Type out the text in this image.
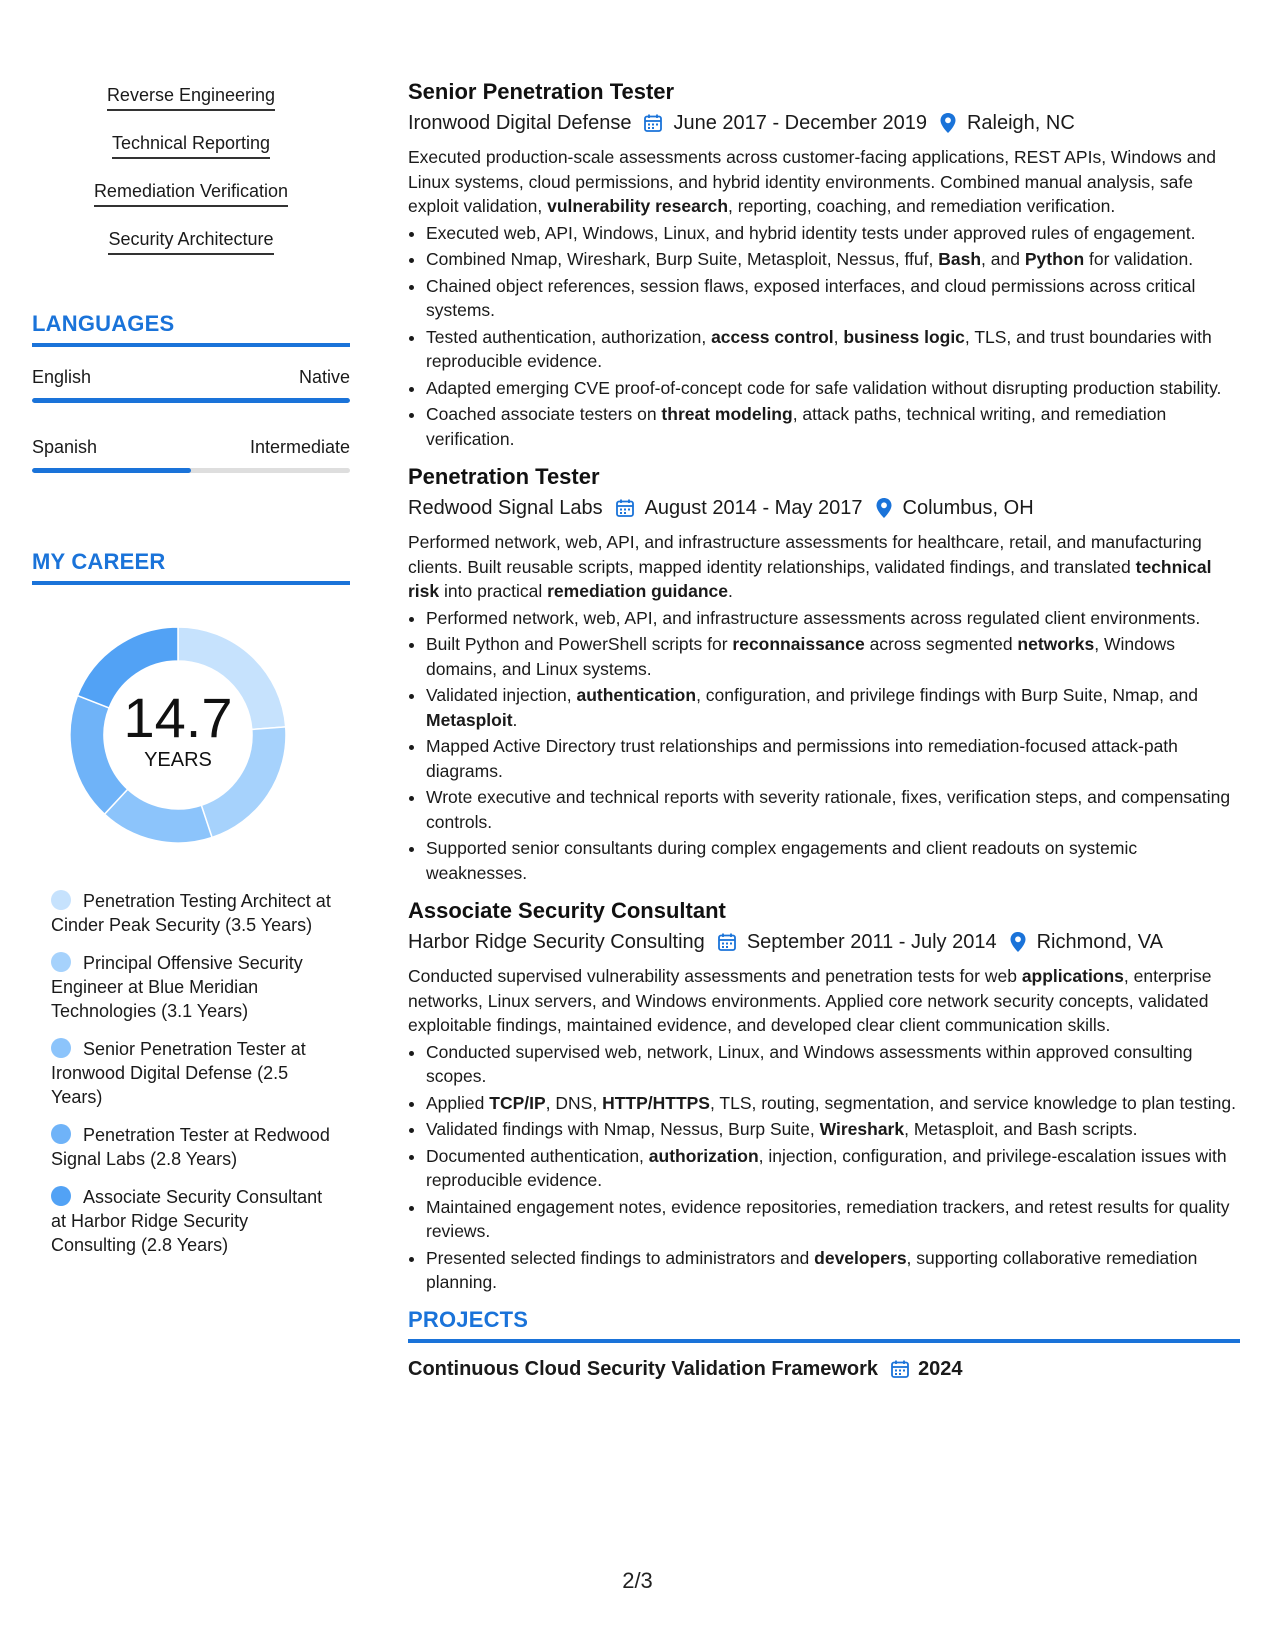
Reverse Engineering
Technical Reporting
Remediation Verification
Security Architecture
LANGUAGES
English	Native
Spanish	Intermediate
MY CAREER
14.7
YEARS
Penetration Testing Architect at Cinder Peak Security (3.5 Years)
Principal Offensive Security Engineer at Blue Meridian Technologies (3.1 Years)
Senior Penetration Tester at Ironwood Digital Defense (2.5 Years)
Penetration Tester at Redwood Signal Labs (2.8 Years)
Associate Security Consultant at Harbor Ridge Security Consulting (2.8 Years)
Senior Penetration Tester
Ironwood Digital Defense June 2017 - December 2019 Raleigh, NC
Executed production-scale assessments across customer-facing applications, REST APIs, Windows and Linux systems, cloud permissions, and hybrid identity environments. Combined manual analysis, safe exploit validation, vulnerability research, reporting, coaching, and remediation verification.
• Executed web, API, Windows, Linux, and hybrid identity tests under approved rules of engagement.
• Combined Nmap, Wireshark, Burp Suite, Metasploit, Nessus, ffuf, Bash, and Python for validation.
• Chained object references, session flaws, exposed interfaces, and cloud permissions across critical systems.
• Tested authentication, authorization, access control, business logic, TLS, and trust boundaries with reproducible evidence.
• Adapted emerging CVE proof-of-concept code for safe validation without disrupting production stability.
• Coached associate testers on threat modeling, attack paths, technical writing, and remediation verification.
Penetration Tester
Redwood Signal Labs August 2014 - May 2017 Columbus, OH
Performed network, web, API, and infrastructure assessments for healthcare, retail, and manufacturing clients. Built reusable scripts, mapped identity relationships, validated findings, and translated technical risk into practical remediation guidance.
• Performed network, web, API, and infrastructure assessments across regulated client environments.
• Built Python and PowerShell scripts for reconnaissance across segmented networks, Windows domains, and Linux systems.
• Validated injection, authentication, configuration, and privilege findings with Burp Suite, Nmap, and Metasploit.
• Mapped Active Directory trust relationships and permissions into remediation-focused attack-path diagrams.
• Wrote executive and technical reports with severity rationale, fixes, verification steps, and compensating controls.
• Supported senior consultants during complex engagements and client readouts on systemic weaknesses.
Associate Security Consultant
Harbor Ridge Security Consulting September 2011 - July 2014 Richmond, VA
Conducted supervised vulnerability assessments and penetration tests for web applications, enterprise networks, Linux servers, and Windows environments. Applied core network security concepts, validated exploitable findings, maintained evidence, and developed clear client communication skills.
• Conducted supervised web, network, Linux, and Windows assessments within approved consulting scopes.
• Applied TCP/IP, DNS, HTTP/HTTPS, TLS, routing, segmentation, and service knowledge to plan testing.
• Validated findings with Nmap, Nessus, Burp Suite, Wireshark, Metasploit, and Bash scripts.
• Documented authentication, authorization, injection, configuration, and privilege-escalation issues with reproducible evidence.
• Maintained engagement notes, evidence repositories, remediation trackers, and retest results for quality reviews.
• Presented selected findings to administrators and developers, supporting collaborative remediation planning.
PROJECTS
Continuous Cloud Security Validation Framework 2024
2/3
